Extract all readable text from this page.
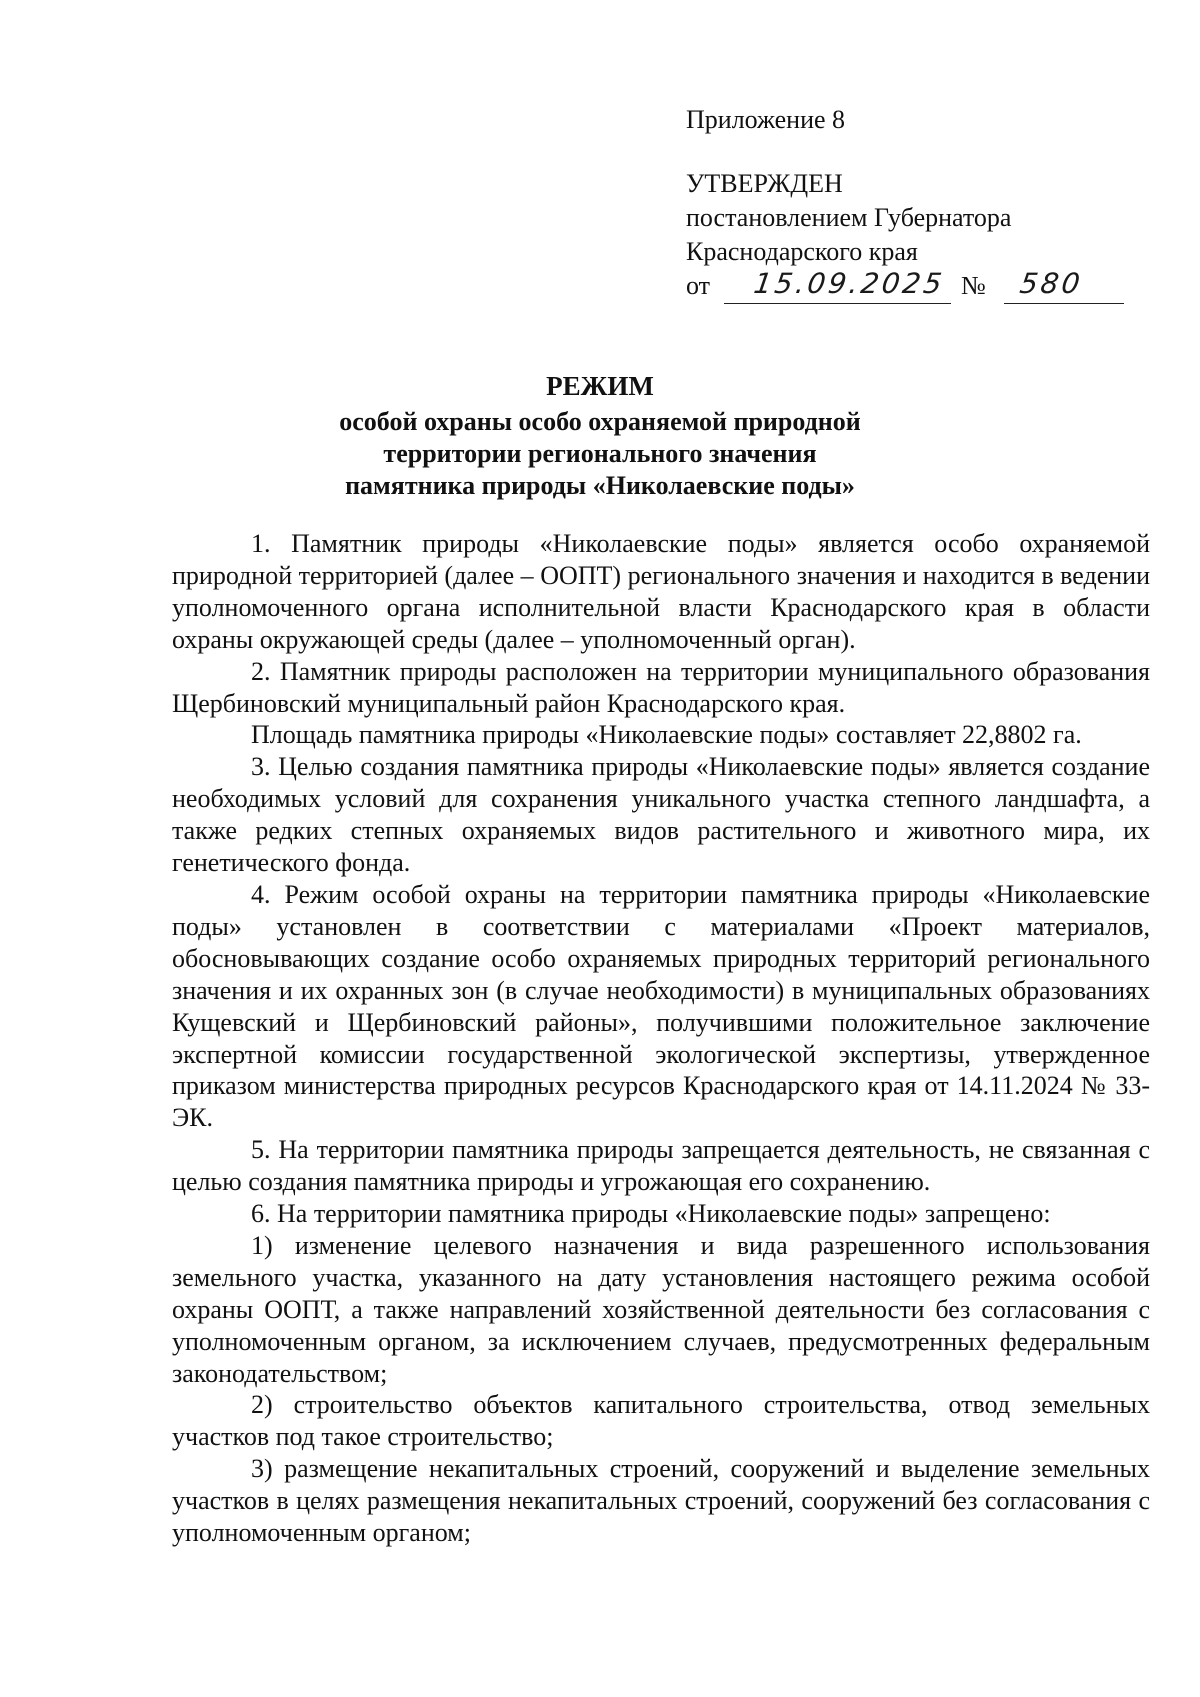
Приложение 8
УТВЕРЖДЕН
постановлением Губернатора
Краснодарского края
от 15.09.2025 № 580
РЕЖИМ
особой охраны особо охраняемой природной
территории регионального значения
памятника природы «Николаевские поды»

1. Памятник природы «Николаевские поды» является особо охраняемой природной территорией (далее – ООПТ) регионального значения и находится в ведении уполномоченного органа исполнительной власти Краснодарского края в области охраны окружающей среды (далее – уполномоченный орган).

2. Памятник природы расположен на территории муниципального образования Щербиновский муниципальный район Краснодарского края.

Площадь памятника природы «Николаевские поды» составляет 22,8802 га.

3. Целью создания памятника природы «Николаевские поды» является создание необходимых условий для сохранения уникального участка степного ландшафта, а также редких степных охраняемых видов растительного и животного мира, их генетического фонда.

4. Режим особой охраны на территории памятника природы «Николаевские поды» установлен в соответствии с материалами «Проект материалов, обосновывающих создание особо охраняемых природных территорий регионального значения и их охранных зон (в случае необходимости) в муниципальных образованиях Кущевский и Щербиновский районы», получившими положительное заключение экспертной комиссии государственной экологической экспертизы, утвержденное приказом министерства природных ресурсов Краснодарского края от 14.11.2024 № 33-ЭК.

5. На территории памятника природы запрещается деятельность, не связанная с целью создания памятника природы и угрожающая его сохранению.

6. На территории памятника природы «Николаевские поды» запрещено:

1) изменение целевого назначения и вида разрешенного использования земельного участка, указанного на дату установления настоящего режима особой охраны ООПТ, а также направлений хозяйственной деятельности без согласования с уполномоченным органом, за исключением случаев, предусмотренных федеральным законодательством;

2) строительство объектов капитального строительства, отвод земельных участков под такое строительство;

3) размещение некапитальных строений, сооружений и выделение земельных участков в целях размещения некапитальных строений, сооружений без согласования с уполномоченным органом;
